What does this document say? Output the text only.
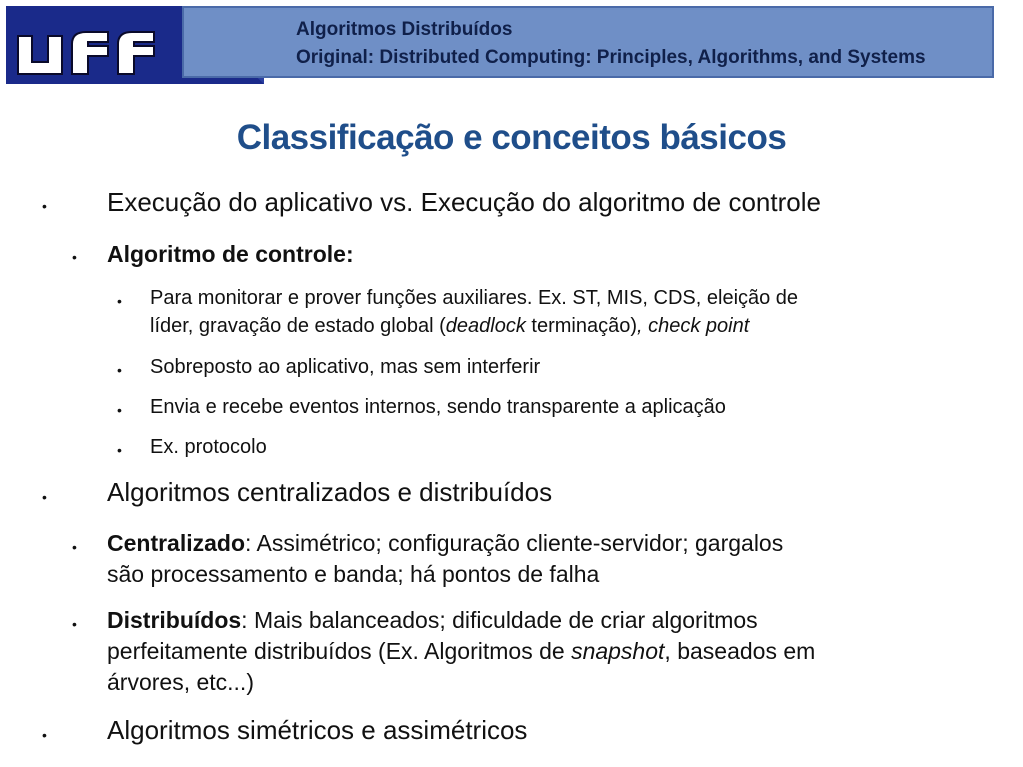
uff	Algoritmos Distribuídos
Original: Distributed Computing: Principles, Algorithms, and Systems
Classificação e conceitos básicos
• Execução do aplicativo vs. Execução do algoritmo de controle
• Algoritmo de controle:
• Para monitorar e prover funções auxiliares. Ex. ST, MIS, CDS, eleição de
líder, gravação de estado global (deadlock terminação), check point
• Sobreposto ao aplicativo, mas sem interferir
• Envia e recebe eventos internos, sendo transparente a aplicação
• Ex. protocolo
• Algoritmos centralizados e distribuídos
• Centralizado: Assimétrico; configuração cliente-servidor; gargalos
são processamento e banda; há pontos de falha
• Distribuídos: Mais balanceados; dificuldade de criar algoritmos
perfeitamente distribuídos (Ex. Algoritmos de snapshot, baseados em
árvores, etc...)
• Algoritmos simétricos e assimétricos
